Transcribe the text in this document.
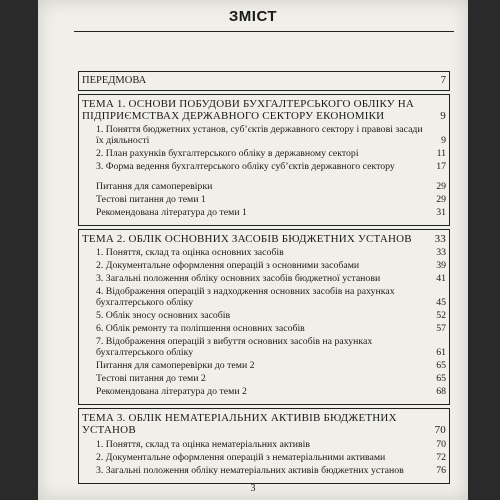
ЗМІСТ
ПЕРЕДМОВА	7
ТЕМА 1. ОСНОВИ ПОБУДОВИ БУХГАЛТЕРСЬКОГО ОБЛІКУ НА ПІДПРИЄМСТВАХ ДЕРЖАВНОГО СЕКТОРУ ЕКОНОМІКИ	9
1. Поняття бюджетних установ, суб’єктів державного сектору і правові засади їх діяльності	9
2. План рахунків бухгалтерського обліку в державному секторі	11
3. Форма ведення бухгалтерського обліку суб’єктів державного сектору	17
Питання для самоперевірки	29
Тестові питання до теми 1	29
Рекомендована література до теми 1	31
ТЕМА 2. ОБЛІК ОСНОВНИХ ЗАСОБІВ БЮДЖЕТНИХ УСТАНОВ	33
1. Поняття, склад та оцінка основних засобів	33
2. Документальне оформлення операцій з основними засобами	39
3. Загальні положення обліку основних засобів бюджетної установи	41
4. Відображення операцій з надходження основних засобів на рахунках бухгалтерського обліку	45
5. Облік зносу основних засобів	52
6. Облік ремонту та поліпшення основних засобів	57
7. Відображення операцій з вибуття основних засобів на рахунках бухгалтерського обліку	61
Питання для самоперевірки до теми 2	65
Тестові питання до теми 2	65
Рекомендована література до теми 2	68
ТЕМА 3. ОБЛІК НЕМАТЕРІАЛЬНИХ АКТИВІВ БЮДЖЕТНИХ УСТАНОВ	70
1. Поняття, склад та оцінка нематеріальних активів	70
2. Документальне оформлення операцій з нематеріальними активами	72
3. Загальні положення обліку нематеріальних активів бюджетних установ	76
3
